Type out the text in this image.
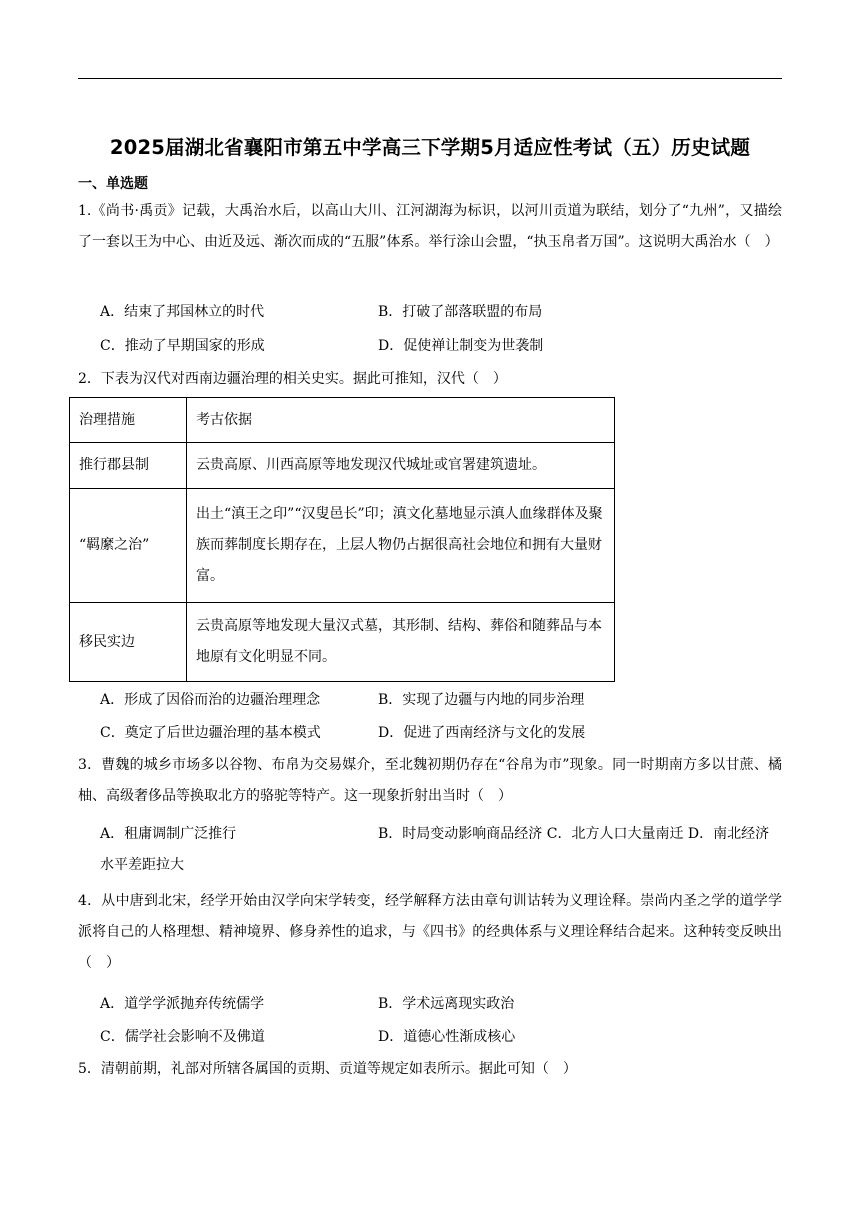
2025届湖北省襄阳市第五中学高三下学期5月适应性考试（五）历史试题
一、单选题
1.《尚书·禹贡》记载，大禹治水后，以高山大川、江河湖海为标识，以河川贡道为联结，划分了“九州”，又描绘了一套以王为中心、由近及远、渐次而成的“五服”体系。举行涂山会盟，“执玉帛者万国”。这说明大禹治水（　）
A．结束了邦国林立的时代	B．打破了部落联盟的布局
C．推动了早期国家的形成	D．促使禅让制变为世袭制
2．下表为汉代对西南边疆治理的相关史实。据此可推知，汉代（　）
治理措施	考古依据
推行郡县制	云贵高原、川西高原等地发现汉代城址或官署建筑遗址。
“羁縻之治”	出土“滇王之印”“汉叟邑长”印；滇文化墓地显示滇人血缘群体及聚族而葬制度长期存在，上层人物仍占据很高社会地位和拥有大量财富。
移民实边	云贵高原等地发现大量汉式墓，其形制、结构、葬俗和随葬品与本地原有文化明显不同。
A．形成了因俗而治的边疆治理理念	B．实现了边疆与内地的同步治理
C．奠定了后世边疆治理的基本模式	D．促进了西南经济与文化的发展
3．曹魏的城乡市场多以谷物、布帛为交易媒介，至北魏初期仍存在“谷帛为市”现象。同一时期南方多以甘蔗、橘柚、高级奢侈品等换取北方的骆驼等特产。这一现象折射出当时（　）
A．租庸调制广泛推行	B．时局变动影响商品经济 C．北方人口大量南迁 D．南北经济水平差距拉大
4．从中唐到北宋，经学开始由汉学向宋学转变，经学解释方法由章句训诂转为义理诠释。崇尚内圣之学的道学学派将自己的人格理想、精神境界、修身养性的追求，与《四书》的经典体系与义理诠释结合起来。这种转变反映出（　）
A．道学学派抛弃传统儒学	B．学术远离现实政治
C．儒学社会影响不及佛道	D．道德心性渐成核心
5．清朝前期，礼部对所辖各属国的贡期、贡道等规定如表所示。据此可知（　）
